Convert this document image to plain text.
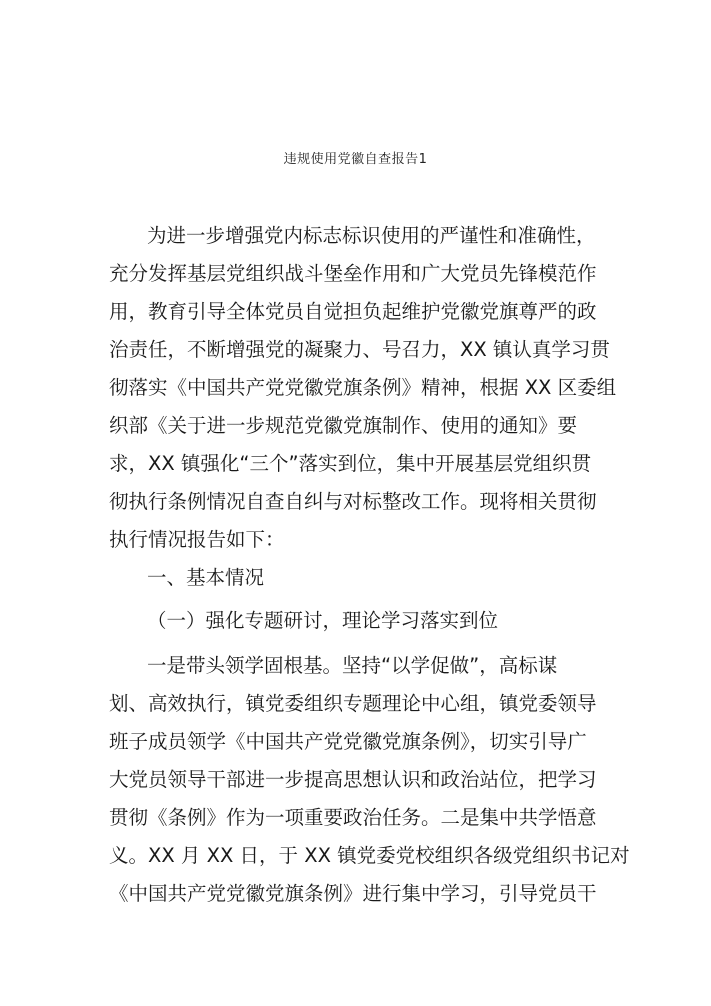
违规使用党徽自查报告1

为进一步增强党内标志标识使用的严谨性和准确性，

充分发挥基层党组织战斗堡垒作用和广大党员先锋模范作

用，教育引导全体党员自觉担负起维护党徽党旗尊严的政

治责任，不断增强党的凝聚力、号召力，XX 镇认真学习贯

彻落实《中国共产党党徽党旗条例》精神，根据 XX 区委组

织部《关于进一步规范党徽党旗制作、使用的通知》要

求，XX 镇强化“三个”落实到位，集中开展基层党组织贯

彻执行条例情况自查自纠与对标整改工作。现将相关贯彻

执行情况报告如下：

一、基本情况

（一）强化专题研讨，理论学习落实到位

一是带头领学固根基。坚持“以学促做”，高标谋

划、高效执行，镇党委组织专题理论中心组，镇党委领导

班子成员领学《中国共产党党徽党旗条例》，切实引导广

大党员领导干部进一步提高思想认识和政治站位，把学习

贯彻《条例》作为一项重要政治任务。二是集中共学悟意

义。XX 月 XX 日，于 XX 镇党委党校组织各级党组织书记对

《中国共产党党徽党旗条例》进行集中学习，引导党员干
